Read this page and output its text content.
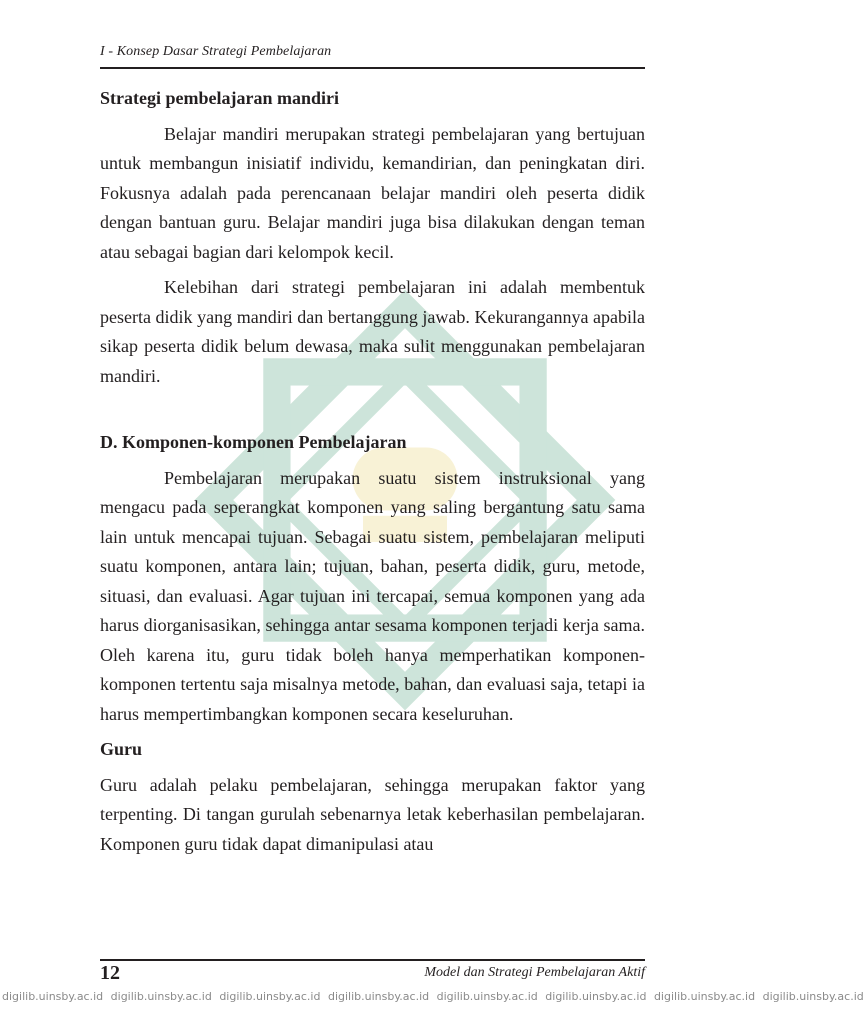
I - Konsep Dasar Strategi Pembelajaran
Strategi pembelajaran mandiri

Belajar mandiri merupakan strategi pembelajaran yang bertujuan untuk membangun inisiatif individu, kemandirian, dan peningkatan diri. Fokusnya adalah pada perencanaan belajar mandiri oleh peserta didik dengan bantuan guru. Belajar mandiri juga bisa dilakukan dengan teman atau sebagai bagian dari kelompok kecil.

Kelebihan dari strategi pembelajaran ini adalah membentuk peserta didik yang mandiri dan bertanggung jawab. Kekurangannya apabila sikap peserta didik belum dewasa, maka sulit menggunakan pembelajaran mandiri.

D. Komponen-komponen Pembelajaran

Pembelajaran merupakan suatu sistem instruksional yang mengacu pada seperangkat komponen yang saling bergantung satu sama lain untuk mencapai tujuan. Sebagai suatu sistem, pembelajaran meliputi suatu komponen, antara lain; tujuan, bahan, peserta didik, guru, metode, situasi, dan evaluasi. Agar tujuan ini tercapai, semua komponen yang ada harus diorganisasikan, sehingga antar sesama komponen terjadi kerja sama. Oleh karena itu, guru tidak boleh hanya memperhatikan komponen-komponen tertentu saja misalnya metode, bahan, dan evaluasi saja, tetapi ia harus mempertimbangkan komponen secara keseluruhan.

Guru

Guru adalah pelaku pembelajaran, sehingga merupakan faktor yang terpenting. Di tangan gurulah sebenarnya letak keberhasilan pembelajaran. Komponen guru tidak dapat dimanipulasi atau

12	Model dan Strategi Pembelajaran Aktif
digilib.uinsby.ac.id digilib.uinsby.ac.id digilib.uinsby.ac.id digilib.uinsby.ac.id digilib.uinsby.ac.id digilib.uinsby.ac.id digilib.uinsby.ac.id digilib.uinsby.ac.id
